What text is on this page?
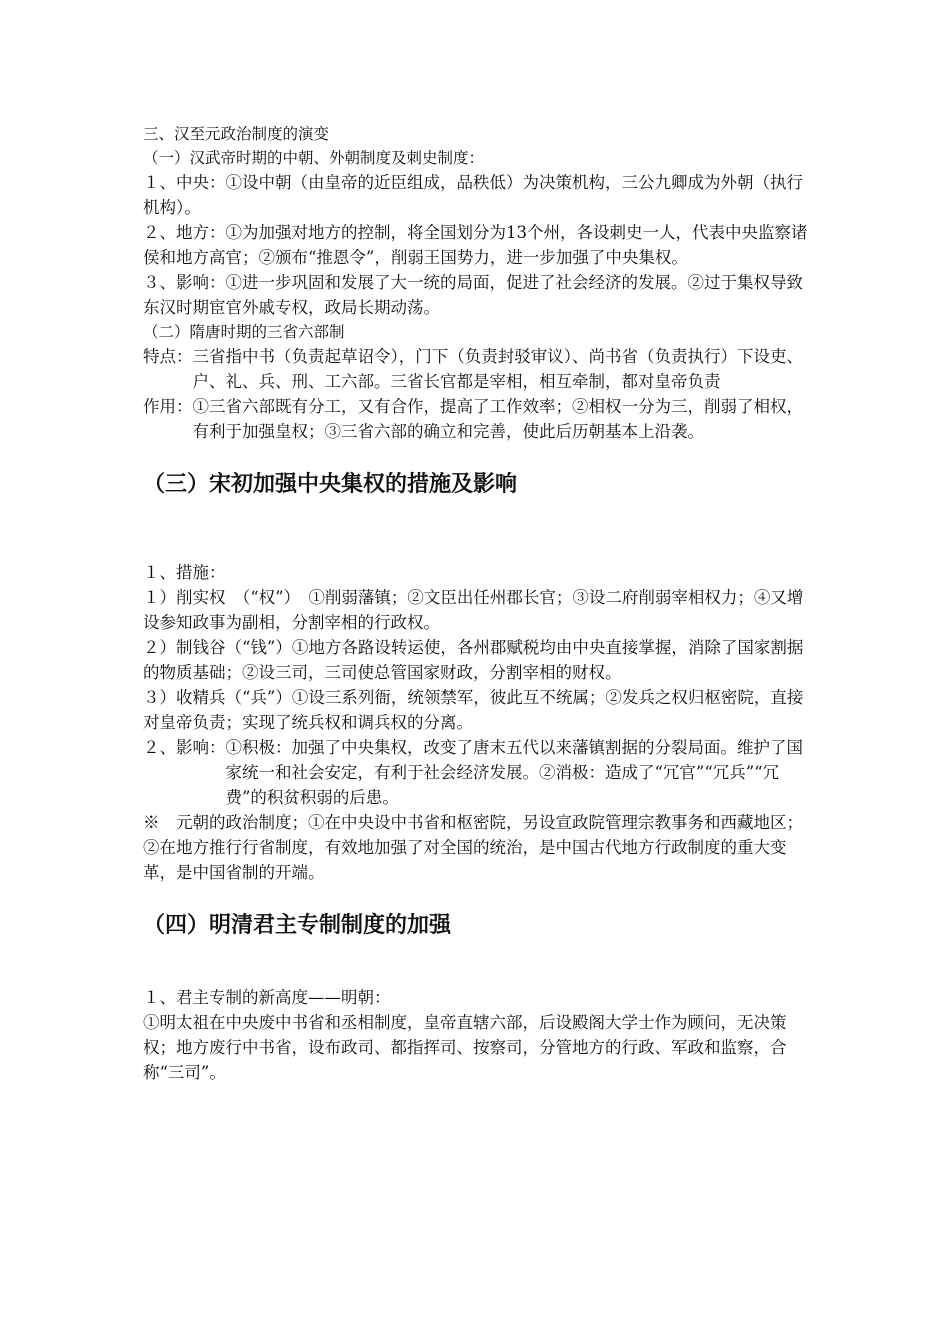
三、汉至元政治制度的演变

（一）汉武帝时期的中朝、外朝制度及刺史制度：

１、中央：①设中朝（由皇帝的近臣组成，品秩低）为决策机构，三公九卿成为外朝（执行机构）。

２、地方：①为加强对地方的控制，将全国划分为13个州，各设刺史一人，代表中央监察诸侯和地方高官；②颁布“推恩令”，削弱王国势力，进一步加强了中央集权。

３、影响：①进一步巩固和发展了大一统的局面，促进了社会经济的发展。②过于集权导致东汉时期宦官外戚专权，政局长期动荡。

（二）隋唐时期的三省六部制

特点： 三省指中书（负责起草诏令），门下（负责封驳审议）、尚书省（负责执行）下设吏、户、礼、兵、刑、工六部。三省长官都是宰相，相互牵制，都对皇帝负责
作用： ①三省六部既有分工，又有合作，提高了工作效率；②相权一分为三，削弱了相权，有利于加强皇权；③三省六部的确立和完善，使此后历朝基本上沿袭。

（三）宋初加强中央集权的措施及影响

１、措施：

１）削实权　（“权”）　①削弱藩镇；②文臣出任州郡长官；③设二府削弱宰相权力；④又增设参知政事为副相，分割宰相的行政权。

２）制钱谷（“钱”）①地方各路设转运使，各州郡赋税均由中央直接掌握，消除了国家割据的物质基础；②设三司，三司使总管国家财政，分割宰相的财权。

３）收精兵（“兵”）①设三系列衙，统领禁军，彼此互不统属；②发兵之权归枢密院，直接对皇帝负责；实现了统兵权和调兵权的分离。

２、影响： ①积极：加强了中央集权，改变了唐末五代以来藩镇割据的分裂局面。维护了国家统一和社会安定，有利于社会经济发展。②消极：造成了“冗官”“冗兵”“冗费”的积贫积弱的后患。

※　元朝的政治制度；①在中央设中书省和枢密院，另设宣政院管理宗教事务和西藏地区；②在地方推行行省制度，有效地加强了对全国的统治，是中国古代地方行政制度的重大变革，是中国省制的开端。

（四）明清君主专制制度的加强

１、君主专制的新高度——明朝：

①明太祖在中央废中书省和丞相制度，皇帝直辖六部，后设殿阁大学士作为顾问，无决策权；地方废行中书省，设布政司、都指挥司、按察司，分管地方的行政、军政和监察，合称“三司”。
